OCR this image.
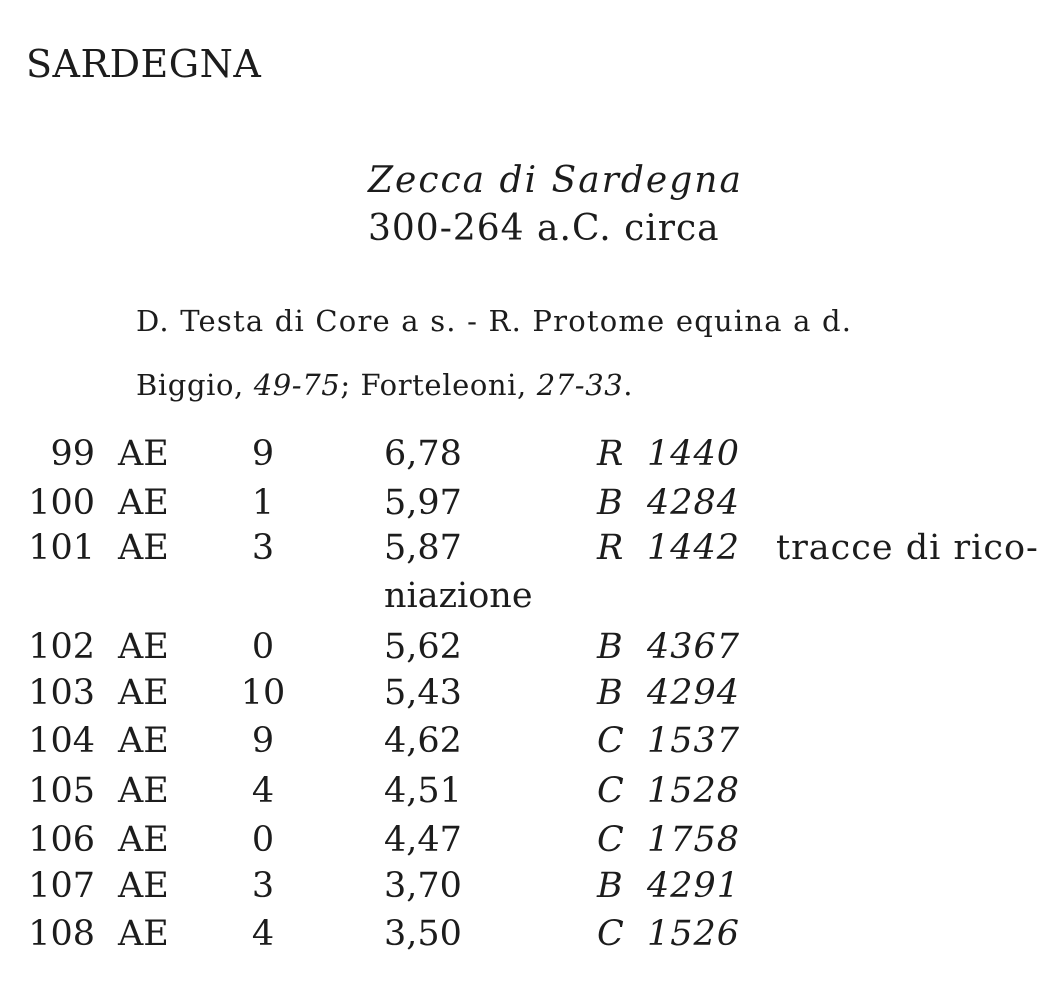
SARDEGNA
Zecca di Sardegna
300-264 a.C. circa
D. Testa di Core a s. - R. Protome equina a d.
Biggio, 49-75; Forteleoni, 27-33.
99 AE	9	6,78	R 1440
100 AE	1	5,97	B 4284
101 AE	3	5,87	R 1442 tracce di rico-
niazione
102 AE	0	5,62	B 4367
103 AE 10	5,43	B 4294
104 AE	9	4,62	C 1537
105 AE	4	4,51	C 1528
106 AE	0	4,47	C 1758
107 AE	3	3,70	B 4291
108 AE	4	3,50	C 1526
